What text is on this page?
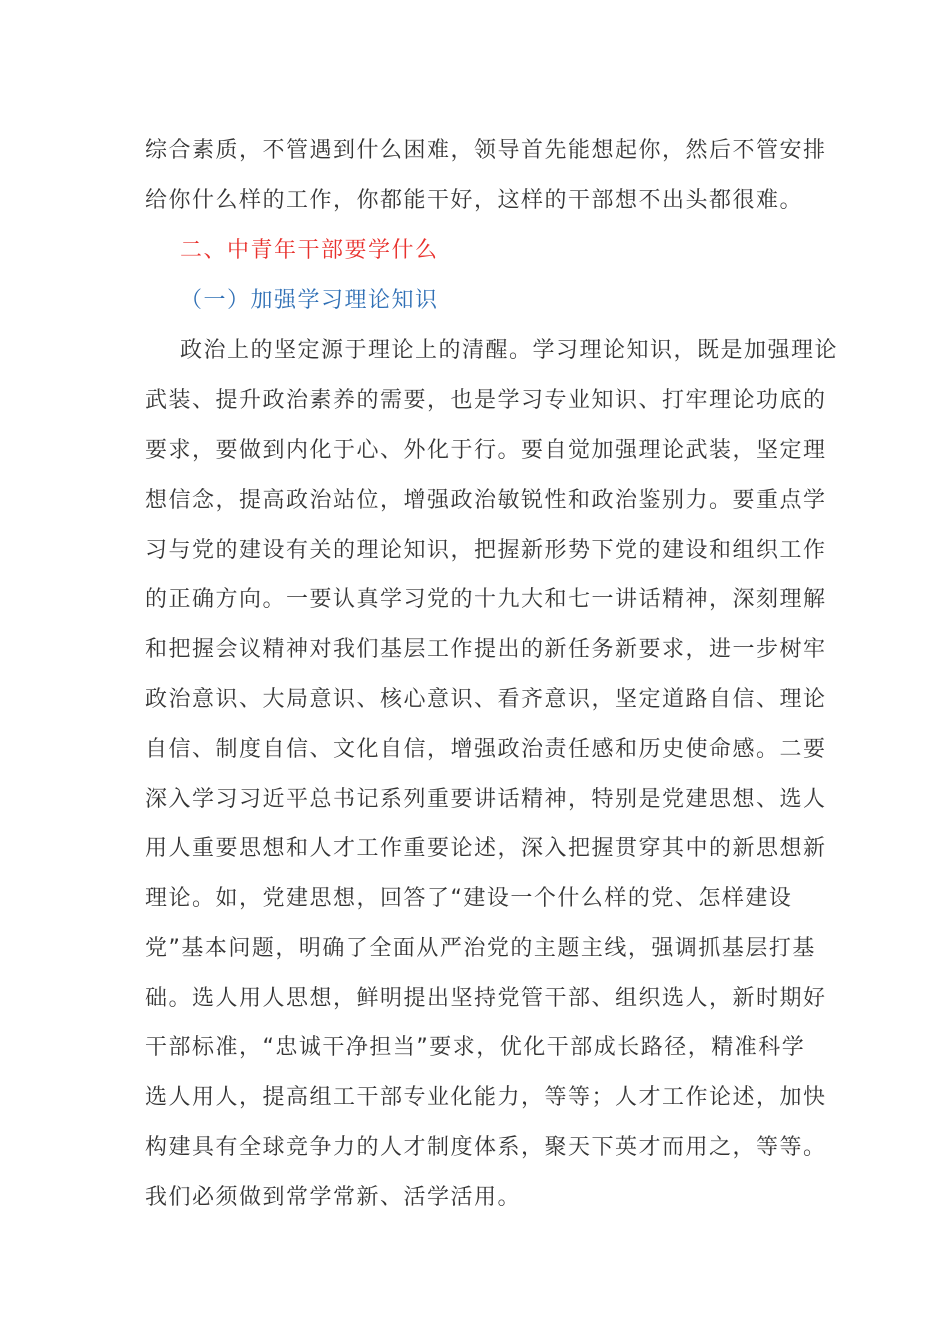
综合素质，不管遇到什么困难，领导首先能想起你，然后不管安排
给你什么样的工作，你都能干好，这样的干部想不出头都很难。
二、中青年干部要学什么
（一）加强学习理论知识
政治上的坚定源于理论上的清醒。学习理论知识，既是加强理论
武装、提升政治素养的需要，也是学习专业知识、打牢理论功底的
要求，要做到内化于心、外化于行。要自觉加强理论武装，坚定理
想信念，提高政治站位，增强政治敏锐性和政治鉴别力。要重点学
习与党的建设有关的理论知识，把握新形势下党的建设和组织工作
的正确方向。一要认真学习党的十九大和七一讲话精神，深刻理解
和把握会议精神对我们基层工作提出的新任务新要求，进一步树牢
政治意识、大局意识、核心意识、看齐意识，坚定道路自信、理论
自信、制度自信、文化自信，增强政治责任感和历史使命感。二要
深入学习习近平总书记系列重要讲话精神，特别是党建思想、选人
用人重要思想和人才工作重要论述，深入把握贯穿其中的新思想新
理论。如，党建思想，回答了“建设一个什么样的党、怎样建设
党”基本问题，明确了全面从严治党的主题主线，强调抓基层打基
础。选人用人思想，鲜明提出坚持党管干部、组织选人，新时期好
干部标准，“忠诚干净担当”要求，优化干部成长路径，精准科学
选人用人，提高组工干部专业化能力，等等；人才工作论述，加快
构建具有全球竞争力的人才制度体系，聚天下英才而用之，等等。
我们必须做到常学常新、活学活用。
